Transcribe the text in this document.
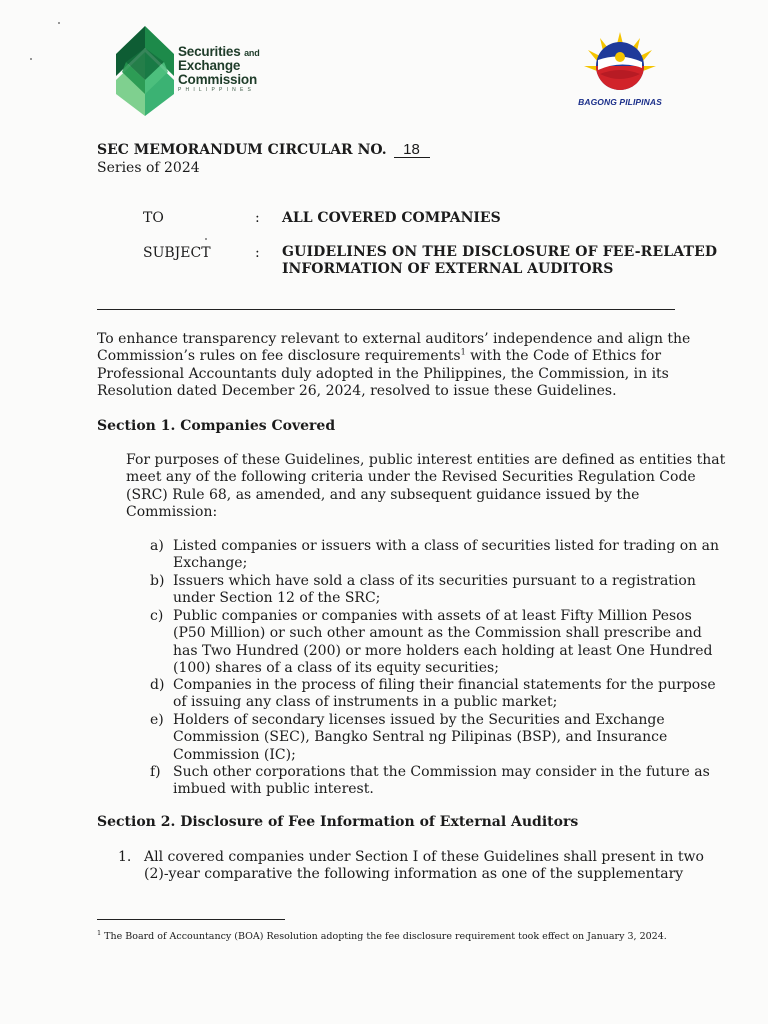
Securities and
Exchange
Commission
PHILIPPINES
BAGONG PILIPINAS
SEC MEMORANDUM CIRCULAR NO. 18
Series of 2024
TO	: ALL COVERED COMPANIES
SUBJECT	: GUIDELINES ON THE DISCLOSURE OF FEE-RELATED
INFORMATION OF EXTERNAL AUDITORS
To enhance transparency relevant to external auditors’ independence and align the
Commission’s rules on fee disclosure requirements$^1$ with the Code of Ethics for
Professional Accountants duly adopted in the Philippines, the Commission, in its
Resolution dated December 26, 2024, resolved to issue these Guidelines.
Section 1. Companies Covered
For purposes of these Guidelines, public interest entities are defined as entities that
meet any of the following criteria under the Revised Securities Regulation Code
(SRC) Rule 68, as amended, and any subsequent guidance issued by the
Commission:
a) Listed companies or issuers with a class of securities listed for trading on an
Exchange;
b) Issuers which have sold a class of its securities pursuant to a registration
under Section 12 of the SRC;
c) Public companies or companies with assets of at least Fifty Million Pesos
(P50 Million) or such other amount as the Commission shall prescribe and
has Two Hundred (200) or more holders each holding at least One Hundred
(100) shares of a class of its equity securities;
d) Companies in the process of filing their financial statements for the purpose
of issuing any class of instruments in a public market;
e) Holders of secondary licenses issued by the Securities and Exchange
Commission (SEC), Bangko Sentral ng Pilipinas (BSP), and Insurance
Commission (IC);
f) Such other corporations that the Commission may consider in the future as
imbued with public interest.
Section 2. Disclosure of Fee Information of External Auditors
1. All covered companies under Section I of these Guidelines shall present in two
(2)-year comparative the following information as one of the supplementary
$^1$ The Board of Accountancy (BOA) Resolution adopting the fee disclosure requirement took effect on January 3, 2024.
